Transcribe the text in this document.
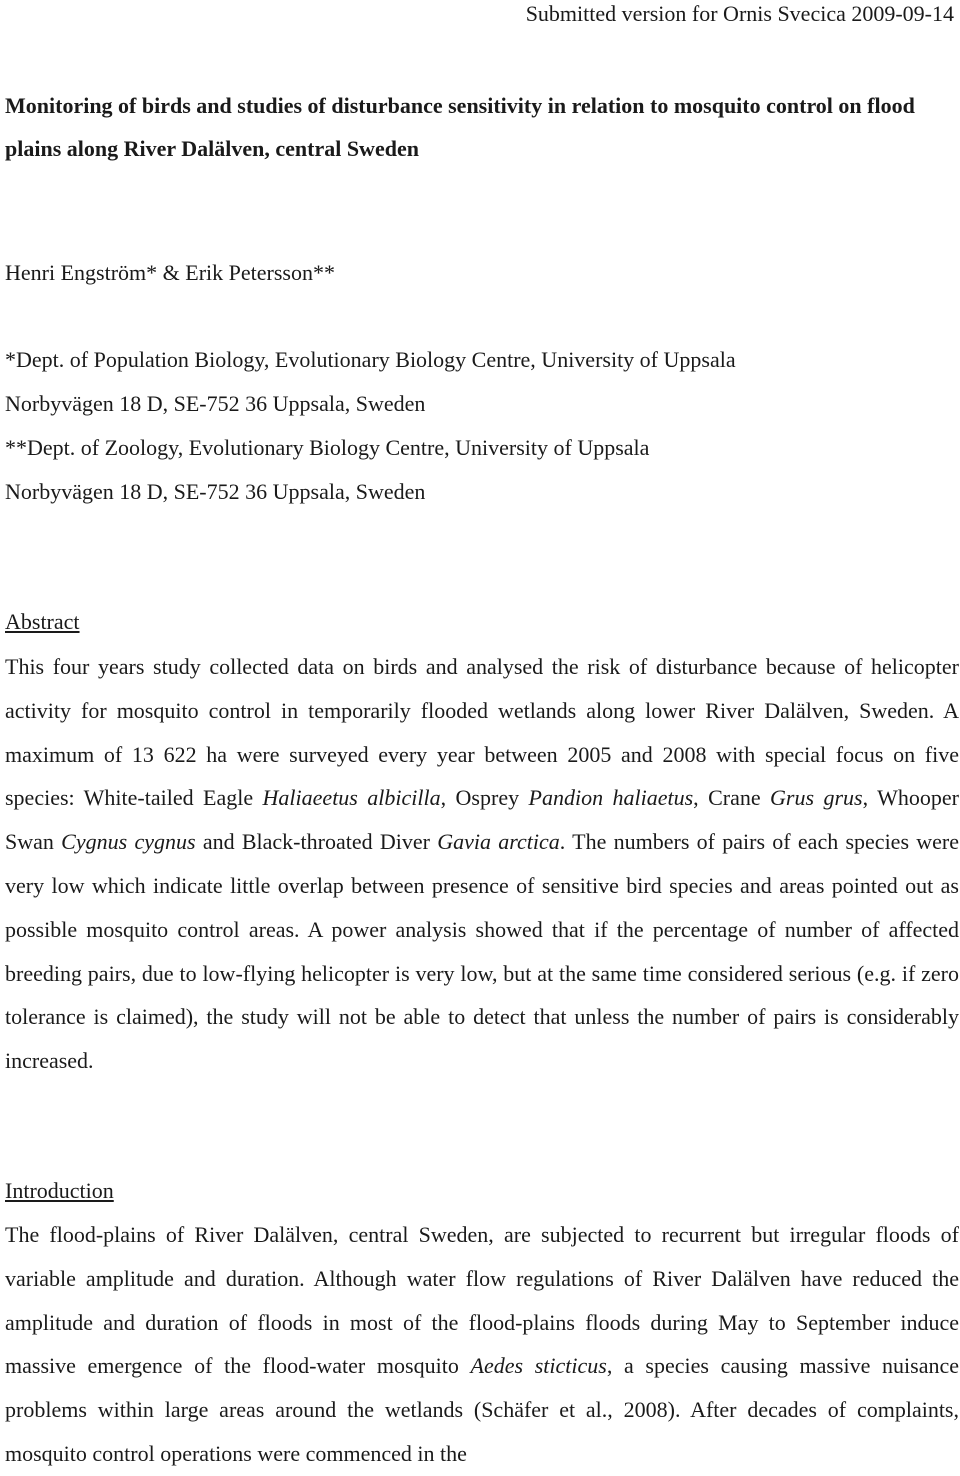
Submitted version for Ornis Svecica 2009-09-14
Monitoring of birds and studies of disturbance sensitivity in relation to mosquito control on flood plains along River Dalälven, central Sweden
Henri Engström* & Erik Petersson**
*Dept. of Population Biology, Evolutionary Biology Centre, University of Uppsala
Norbyvägen 18 D, SE-752 36 Uppsala, Sweden
**Dept. of Zoology, Evolutionary Biology Centre, University of Uppsala
Norbyvägen 18 D, SE-752 36 Uppsala, Sweden
Abstract

This four years study collected data on birds and analysed the risk of disturbance because of helicopter activity for mosquito control in temporarily flooded wetlands along lower River Dalälven, Sweden. A maximum of 13 622 ha were surveyed every year between 2005 and 2008 with special focus on five species: White-tailed Eagle Haliaeetus albicilla, Osprey Pandion haliaetus, Crane Grus grus, Whooper Swan Cygnus cygnus and Black-throated Diver Gavia arctica. The numbers of pairs of each species were very low which indicate little overlap between presence of sensitive bird species and areas pointed out as possible mosquito control areas. A power analysis showed that if the percentage of number of affected breeding pairs, due to low-flying helicopter is very low, but at the same time considered serious (e.g. if zero tolerance is claimed), the study will not be able to detect that unless the number of pairs is considerably increased.

Introduction

The flood-plains of River Dalälven, central Sweden, are subjected to recurrent but irregular floods of variable amplitude and duration. Although water flow regulations of River Dalälven have reduced the amplitude and duration of floods in most of the flood-plains floods during May to September induce massive emergence of the flood-water mosquito Aedes sticticus, a species causing massive nuisance problems within large areas around the wetlands (Schäfer et al., 2008). After decades of complaints, mosquito control operations were commenced in the
